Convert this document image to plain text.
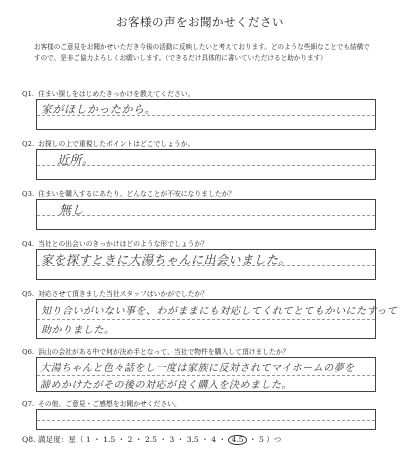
お客様の声をお聞かせください
お客様のご意見をお聞かせいただき今後の活動に反映したいと考えております。どのような些細なことでも結構ですので、是非ご協力よろしくお願いします。（できるだけ具体的に書いていただけると助かります）
Q1. 住まい探しをはじめたきっかけを教えてください。
家がほしかったから。
Q2. お探しの上で重視したポイントはどこでしょうか。
近所。
Q3. 住まいを購入するにあたり、どんなことが不安になりましたか？
無し
Q4. 当社との出会いのきっかけはどのような形でしょうか？
家を探すときに大湯ちゃんに出会いました。
Q5. 対応させて頂きました当社スタッフはいかがでしたか？
知り合いがいない事を、わがままにも対応してくれてとてもかいにたすって
助かりました。
Q6. 浜山の会社がある中で何が決め手となって、当社で物件を購入して頂けましたか？
大湯ちゃんと色々話をし一度は家族に反対されてマイホームの夢を
諦めかけたがその後の対応が良く購入を決めました。
Q7. その他、ご意見・ご感想をお聞かせください。
Q8. 満足度：星（ 1 ・ 1.5 ・ 2 ・ 2.5 ・ 3 ・ 3.5 ・ 4 ・ 4.5 ・ 5 ）つ
